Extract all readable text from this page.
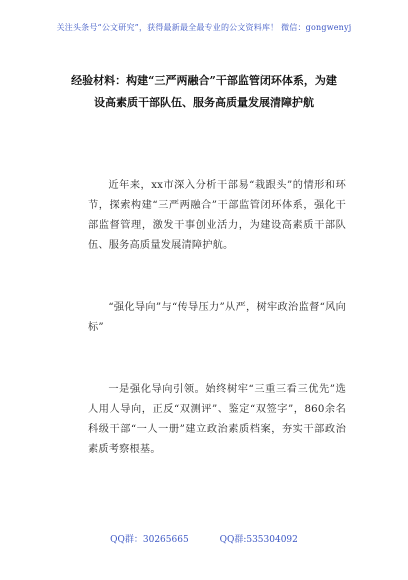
关注头条号“公文研究”，获得最新最全最专业的公文资料库！ 微信：gongwenyj
经验材料：构建“三严两融合”干部监管闭环体系，为建
设高素质干部队伍、服务高质量发展清障护航
近年来，xx市深入分析干部易“栽跟头”的情形和环节，探索构建“三严两融合”干部监管闭环体系，强化干部监督管理，激发干事创业活力，为建设高素质干部队伍、服务高质量发展清障护航。
“强化导向”与“传导压力”从严，树牢政治监督“风向标”
一是强化导向引领。始终树牢“三重三看三优先”选人用人导向，正反“双测评”、鉴定“双签字”，860余名科级干部“一人一册”建立政治素质档案，夯实干部政治素质考察根基。
QQ群：30265665	QQ群:535304092
